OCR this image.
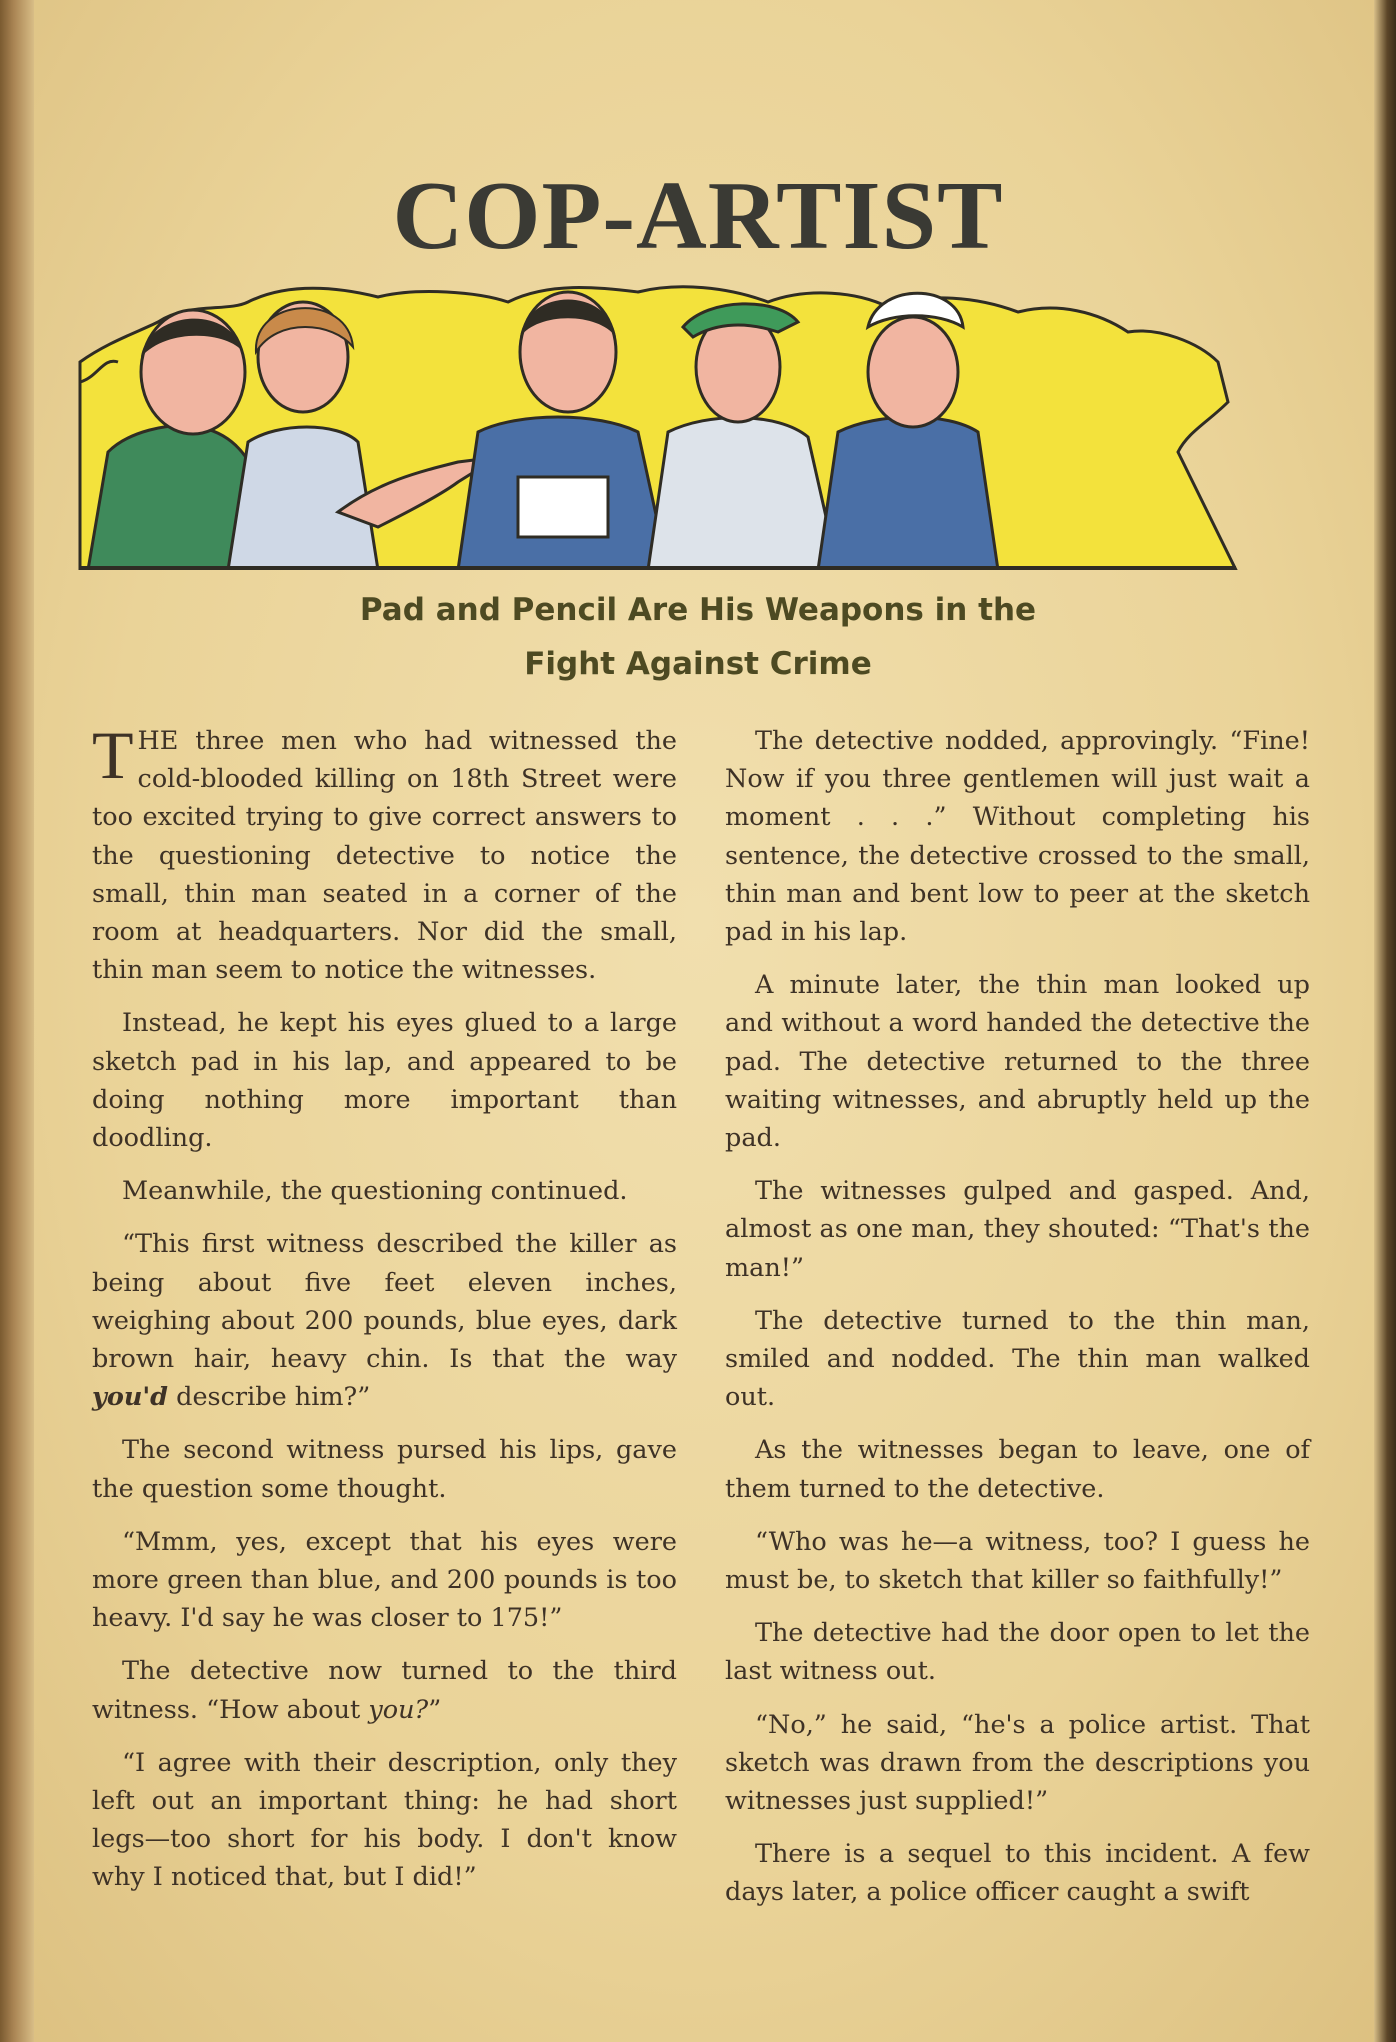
COP-ARTIST
Pad and Pencil Are His Weapons in the
Fight Against Crime

THE three men who had witnessed the cold-blooded killing on 18th Street were too excited trying to give correct answers to the questioning detective to notice the small, thin man seated in a corner of the room at headquarters. Nor did the small, thin man seem to notice the witnesses.

Instead, he kept his eyes glued to a large sketch pad in his lap, and appeared to be doing nothing more important than doodling.

Meanwhile, the questioning continued.

“This first witness described the killer as being about five feet eleven inches, weighing about 200 pounds, blue eyes, dark brown hair, heavy chin. Is that the way you'd describe him?”

The second witness pursed his lips, gave the question some thought.

“Mmm, yes, except that his eyes were more green than blue, and 200 pounds is too heavy. I'd say he was closer to 175!”

The detective now turned to the third witness. “How about you?”

“I agree with their description, only they left out an important thing: he had short legs—too short for his body. I don't know why I noticed that, but I did!”

The detective nodded, approvingly. “Fine! Now if you three gentlemen will just wait a moment . . .” Without completing his sentence, the detective crossed to the small, thin man and bent low to peer at the sketch pad in his lap.

A minute later, the thin man looked up and without a word handed the detective the pad. The detective returned to the three waiting witnesses, and abruptly held up the pad.

The witnesses gulped and gasped. And, almost as one man, they shouted: “That's the man!”

The detective turned to the thin man, smiled and nodded. The thin man walked out.

As the witnesses began to leave, one of them turned to the detective.

“Who was he—a witness, too? I guess he must be, to sketch that killer so faithfully!”

The detective had the door open to let the last witness out.

“No,” he said, “he's a police artist. That sketch was drawn from the descriptions you witnesses just supplied!”

There is a sequel to this incident. A few days later, a police officer caught a swift
